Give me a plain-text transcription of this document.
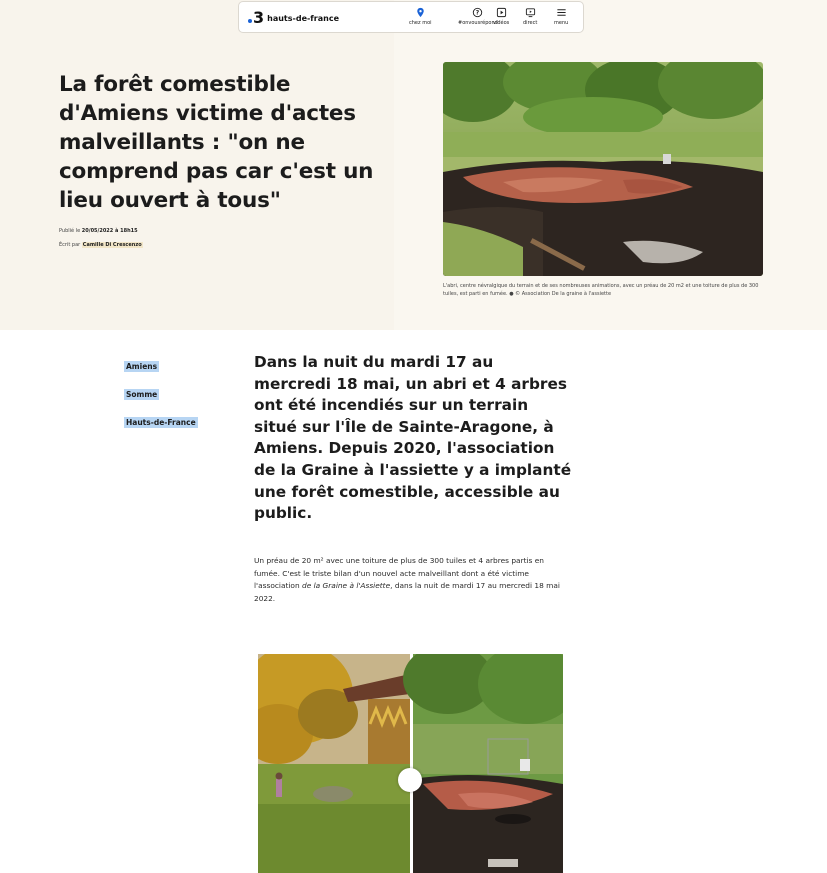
3 hauts-de-france
chez moi
?
#onvousrépond
vidéos	direct	menu
La forêt comestible d'Amiens victime d'actes malveillants : "on ne comprend pas car c'est un lieu ouvert à tous"
Publié le 20/05/2022 à 18h15
Écrit par Camille Di Crescenzo
L'abri, centre névralgique du terrain et de ses nombreuses animations, avec un préau de 20 m2 et une toiture de plus de 300 tuiles, est parti en fumée. ● © Association De la graine à l'assiette
Amiens
Somme
Hauts-de-France

Dans la nuit du mardi 17 au mercredi 18 mai, un abri et 4 arbres ont été incendiés sur un terrain situé sur l'Île de Sainte-Aragone, à Amiens. Depuis 2020, l'association de la Graine à l'assiette y a implanté une forêt comestible, accessible au public.

Un préau de 20 m² avec une toiture de plus de 300 tuiles et 4 arbres partis en fumée. C'est le triste bilan d'un nouvel acte malveillant dont a été victime l'association de la Graine à l'Assiette, dans la nuit de mardi 17 au mercredi 18 mai 2022.
